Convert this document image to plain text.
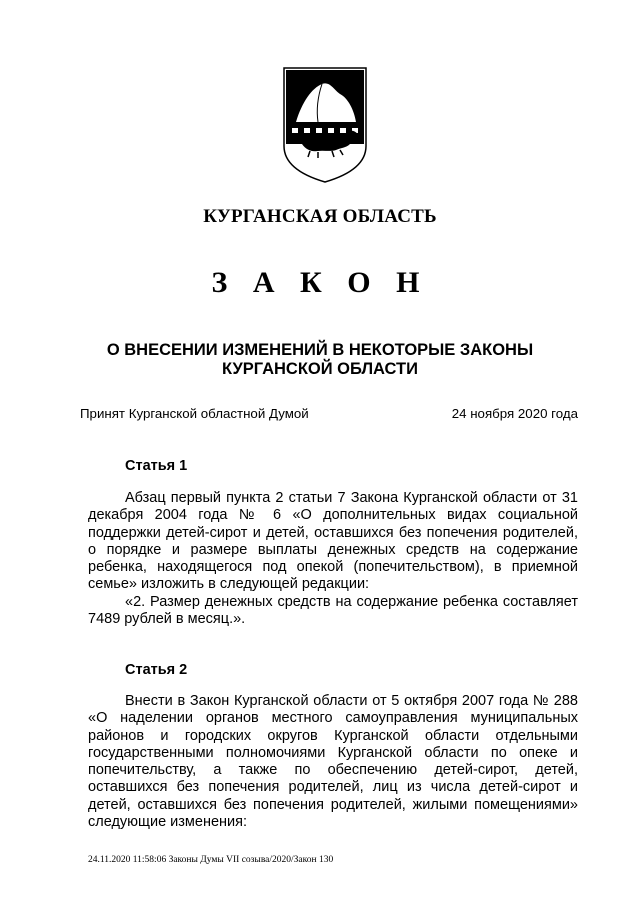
КУРГАНСКАЯ ОБЛАСТЬ
З А К О Н
О ВНЕСЕНИИ ИЗМЕНЕНИЙ В НЕКОТОРЫЕ ЗАКОНЫ КУРГАНСКОЙ ОБЛАСТИ
Принят Курганской областной Думой	24 ноября 2020 года
Статья 1

Абзац первый пункта 2 статьи 7 Закона Курганской области от 31 декабря 2004 года № 6 «О дополнительных видах социальной поддержки детей-сирот и детей, оставшихся без попечения родителей, о порядке и размере выплаты денежных средств на содержание ребенка, находящегося под опекой (попечительством), в приемной семье» изложить в следующей редакции:

«2. Размер денежных средств на содержание ребенка составляет 7489 рублей в месяц.».

Статья 2

Внести в Закон Курганской области от 5 октября 2007 года № 288 «О наделении органов местного самоуправления муниципальных районов и городских округов Курганской области отдельными государственными полномочиями Курганской области по опеке и попечительству, а также по обеспечению детей-сирот, детей, оставшихся без попечения родителей, лиц из числа детей-сирот и детей, оставшихся без попечения родителей, жилыми помещениями» следующие изменения:

24.11.2020 11:58:06 Законы Думы VII созыва/2020/Закон 130
